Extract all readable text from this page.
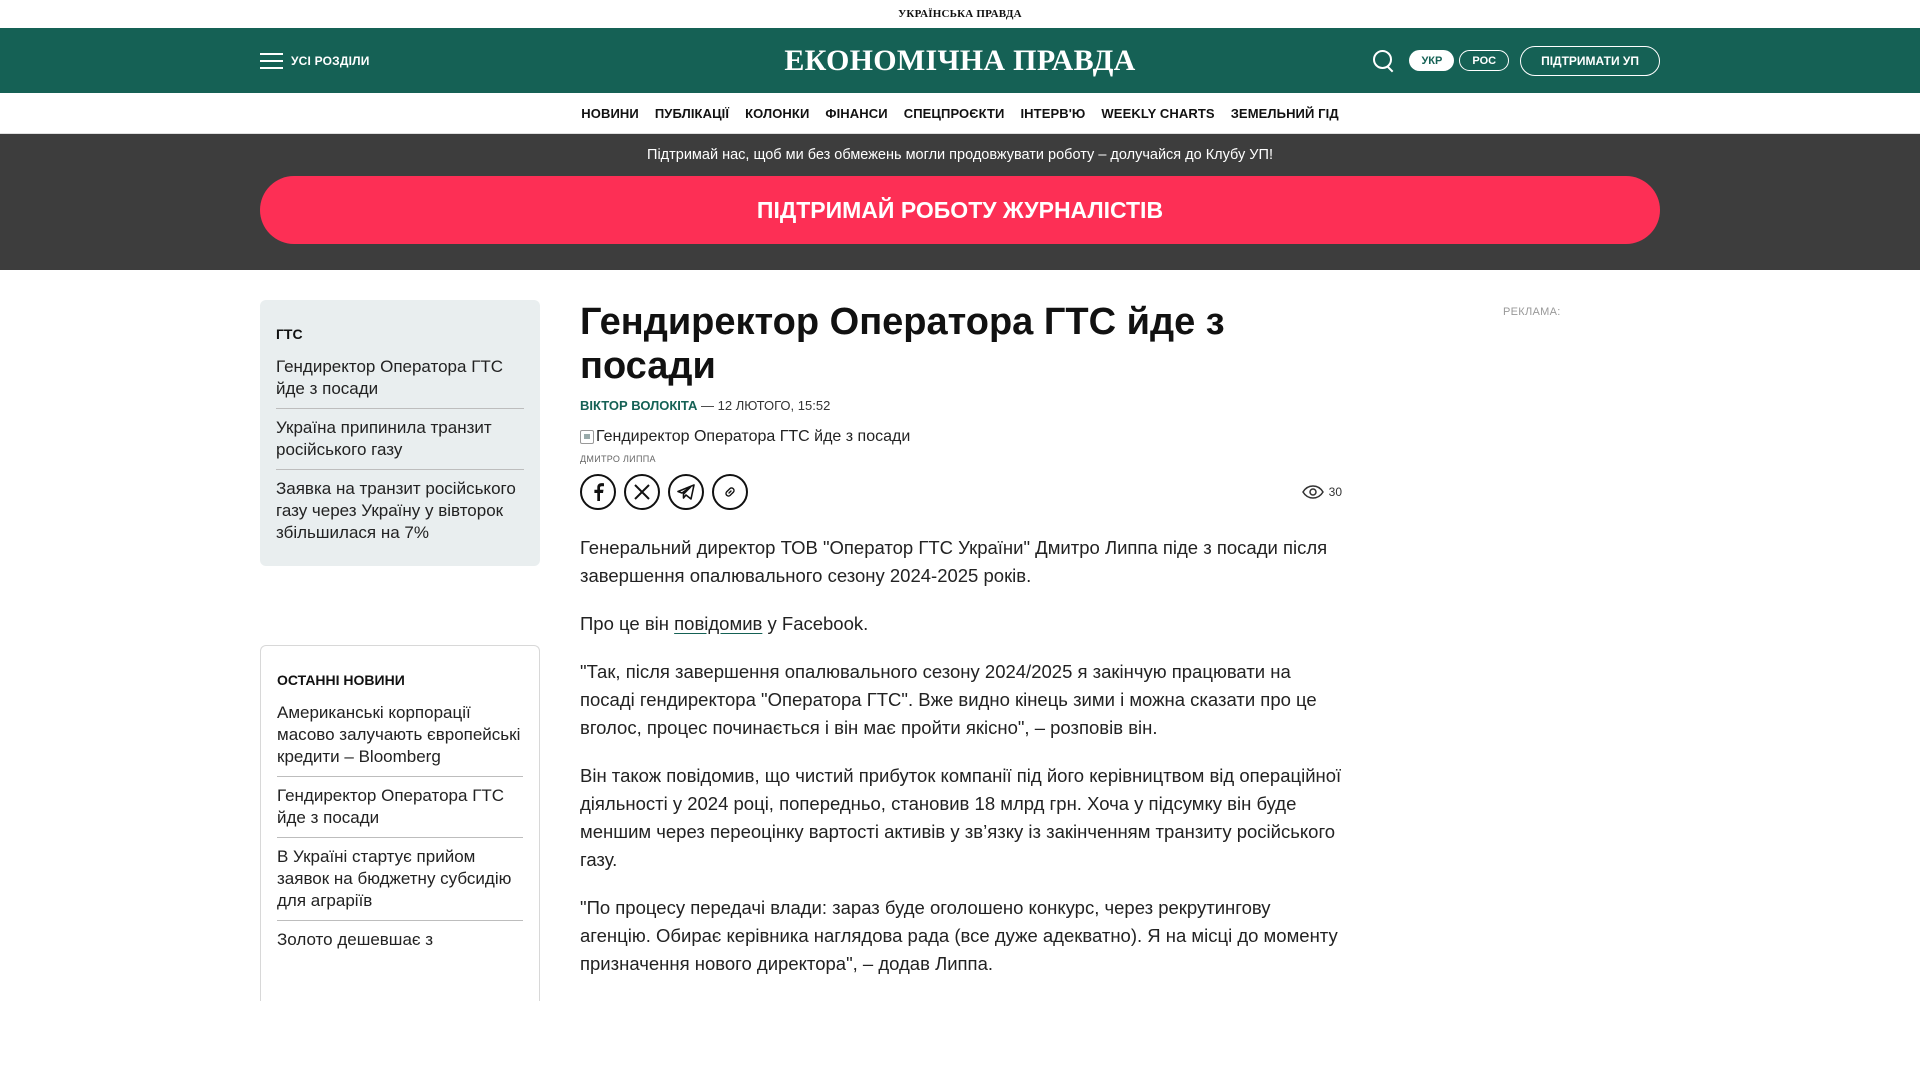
УКРАЇНСЬКА ПРАВДА
УСІ РОЗДІЛИ	ЕКОНОМІЧНА ПРАВДА	УКР	РОС	ПІДТРИМАТИ УП
НОВИНИ ПУБЛІКАЦІЇ КОЛОНКИ ФІНАНСИ СПЕЦПРОЄКТИ ІНТЕРВ'Ю WEEKLY CHARTS ЗЕМЕЛЬНИЙ ГІД
Підтримай нас, щоб ми без обмежень могли продовжувати роботу – долучайся до Клубу УП!
ПІДТРИМАЙ РОБОТУ ЖУРНАЛІСТІВ
ГТС
Гендиректор Оператора ГТС йде з посади
Україна припинила транзит російського газу
Заявка на транзит російського газу через Україну у вівторок збільшилася на 7%
ОСТАННІ НОВИНИ
Американські корпорації масово залучають європейські кредити – Bloomberg
Гендиректор Оператора ГТС йде з посади
В Україні стартує прийом заявок на бюджетну субсидію для аграріїв
Золото дешевшає з
Гендиректор Оператора ГТС йде з посади
ВІКТОР ВОЛОКІТА — 12 ЛЮТОГО, 15:52
Гендиректор Оператора ГТС йде з посади
ДМИТРО ЛИППА
30

Генеральний директор ТОВ "Оператор ГТС України" Дмитро Липпа піде з посади після завершення опалювального сезону 2024-2025 років.

Про це він повідомив у Facebook.

"Так, після завершення опалювального сезону 2024/2025 я закінчую працювати на посаді гендиректора "Оператора ГТС". Вже видно кінець зими і можна сказати про це вголос, процес починається і він має пройти якісно", – розповів він.

Він також повідомив, що чистий прибуток компанії під його керівництвом від операційної діяльності у 2024 році, попередньо, становив 18 млрд грн. Хоча у підсумку він буде меншим через переоцінку вартості активів у зв’язку із закінченням транзиту російського газу.

"По процесу передачі влади: зараз буде оголошено конкурс, через рекрутингову агенцію. Обирає керівника наглядова рада (все дуже адекватно). Я на місці до моменту призначення нового директора", – додав Липпа.

РЕКЛАМА:
